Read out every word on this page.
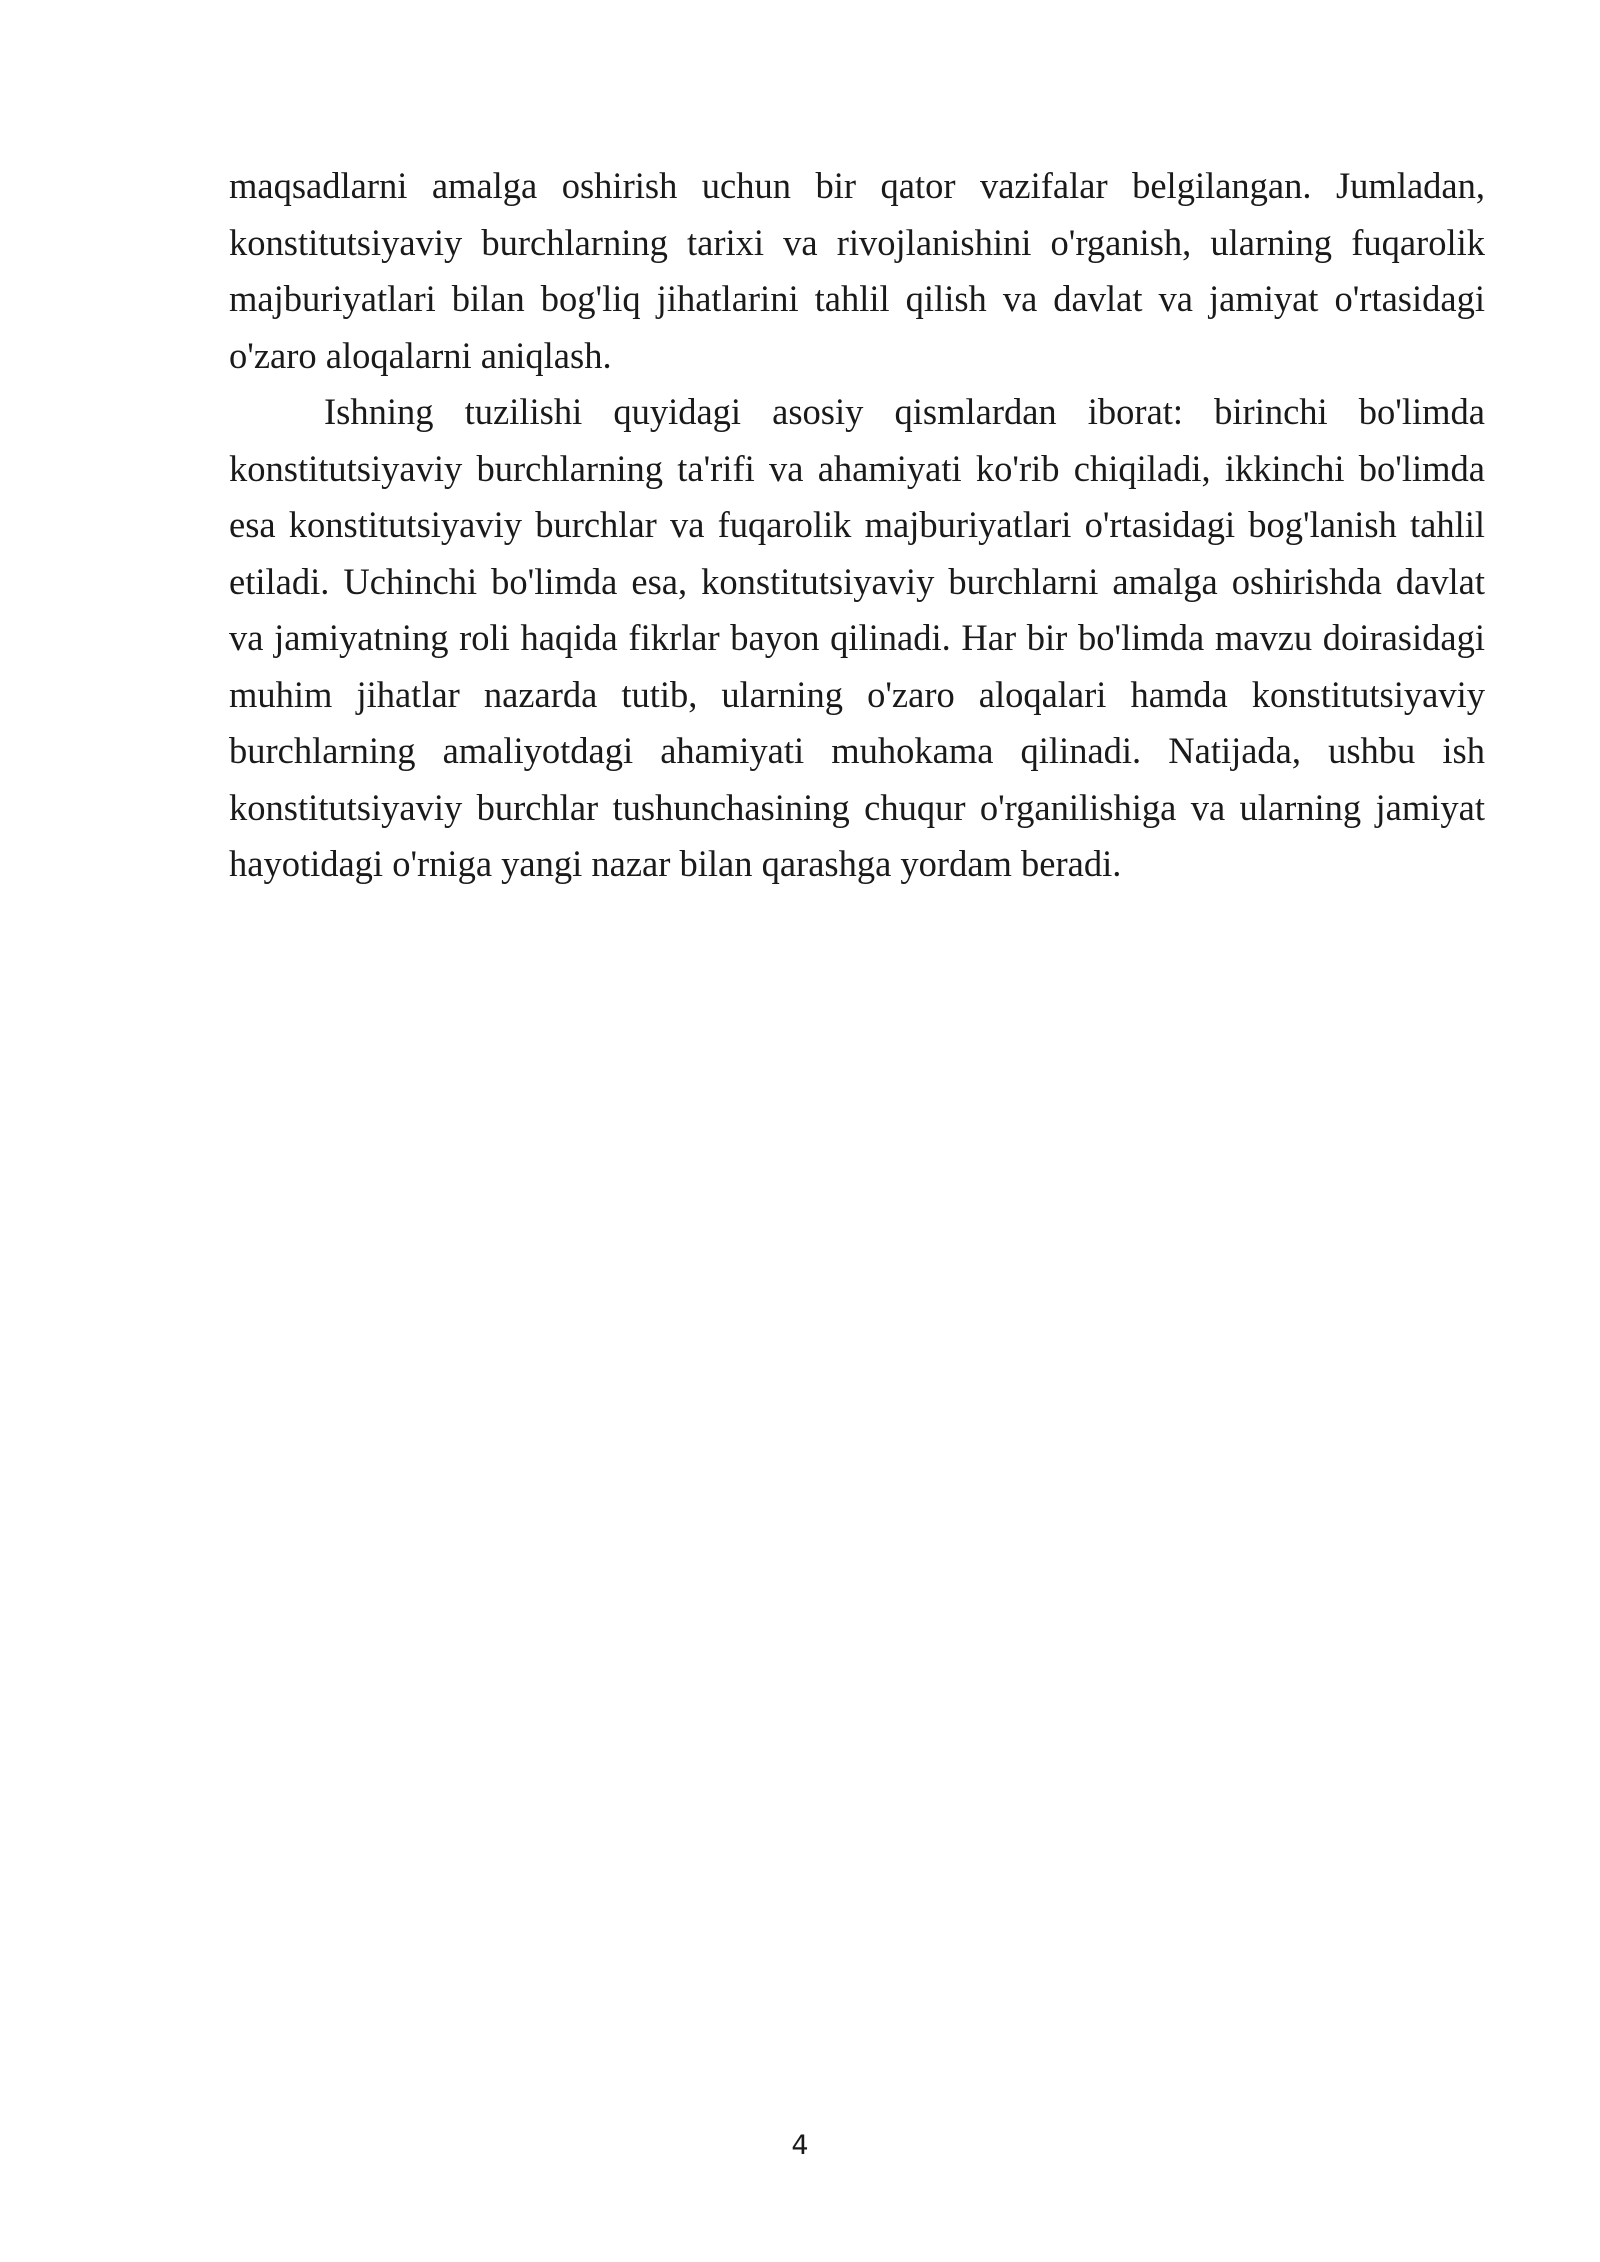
maqsadlarni amalga oshirish uchun bir qator vazifalar belgilangan. Jumladan, konstitutsiyaviy burchlarning tarixi va rivojlanishini o'rganish, ularning fuqarolik majburiyatlari bilan bog'liq jihatlarini tahlil qilish va davlat va jamiyat o'rtasidagi o'zaro aloqalarni aniqlash.

Ishning tuzilishi quyidagi asosiy qismlardan iborat: birinchi bo'limda konstitutsiyaviy burchlarning ta'rifi va ahamiyati ko'rib chiqiladi, ikkinchi bo'limda esa konstitutsiyaviy burchlar va fuqarolik majburiyatlari o'rtasidagi bog'lanish tahlil etiladi. Uchinchi bo'limda esa, konstitutsiyaviy burchlarni amalga oshirishda davlat va jamiyatning roli haqida fikrlar bayon qilinadi. Har bir bo'limda mavzu doirasidagi muhim jihatlar nazarda tutib, ularning o'zaro aloqalari hamda konstitutsiyaviy burchlarning amaliyotdagi ahamiyati muhokama qilinadi. Natijada, ushbu ish konstitutsiyaviy burchlar tushunchasining chuqur o'rganilishiga va ularning jamiyat hayotidagi o'rniga yangi nazar bilan qarashga yordam beradi.

4
